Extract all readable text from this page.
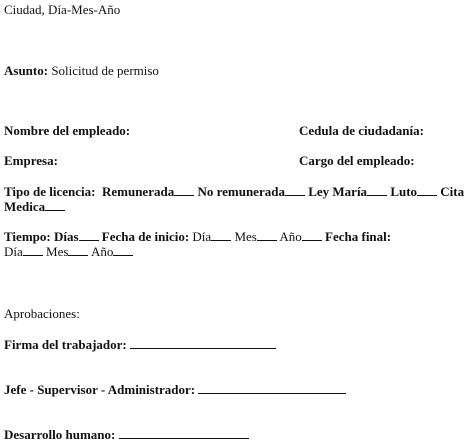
Ciudad, Día-Mes-Año
Asunto: Solicitud de permiso
Nombre del empleado:	Cedula de ciudadanía:
Empresa:	Cargo del empleado:
Tipo de licencia: Remunerada No remunerada Ley María Luto Cita
Medica
Tiempo: Días Fecha de inicio: Día Mes Año Fecha final:
Día Mes Año
Aprobaciones:
Firma del trabajador:
Jefe - Supervisor - Administrador:
Desarrollo humano:
